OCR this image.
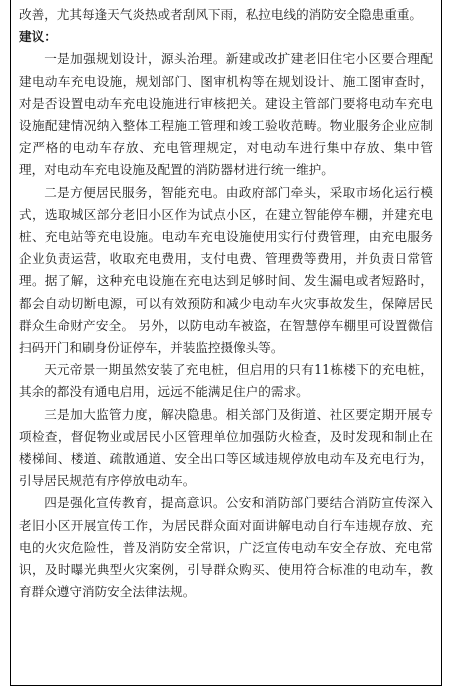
改善，尤其每逢天气炎热或者刮风下雨，私拉电线的消防安全隐患重重。

建议：

一是加强规划设计，源头治理。新建或改扩建老旧住宅小区要合理配建电动车充电设施，规划部门、图审机构等在规划设计、施工图审查时，对是否设置电动车充电设施进行审核把关。建设主管部门要将电动车充电设施配建情况纳入整体工程施工管理和竣工验收范畴。物业服务企业应制定严格的电动车存放、充电管理规定，对电动车进行集中存放、集中管理，对电动车充电设施及配置的消防器材进行统一维护。

二是方便居民服务，智能充电。由政府部门牵头，采取市场化运行模式，选取城区部分老旧小区作为试点小区，在建立智能停车棚，并建充电桩、充电站等充电设施。电动车充电设施使用实行付费管理，由充电服务企业负责运营，收取充电费用，支付电费、管理费等费用，并负责日常管理。据了解，这种充电设施在充电达到足够时间、发生漏电或者短路时，都会自动切断电源，可以有效预防和减少电动车火灾事故发生，保障居民群众生命财产安全。 另外，以防电动车被盗，在智慧停车棚里可设置微信扫码开门和刷身份证停车，并装监控摄像头等。

天元帝景一期虽然安装了充电桩，但启用的只有11栋楼下的充电桩，其余的都没有通电启用，远远不能满足住户的需求。

三是加大监管力度，解决隐患。相关部门及街道、社区要定期开展专项检查，督促物业或居民小区管理单位加强防火检查，及时发现和制止在楼梯间、楼道、疏散通道、安全出口等区域违规停放电动车及充电行为，引导居民规范有序停放电动车。

四是强化宣传教育，提高意识。公安和消防部门要结合消防宣传深入老旧小区开展宣传工作，为居民群众面对面讲解电动自行车违规存放、充电的火灾危险性，普及消防安全常识，广泛宣传电动车安全存放、充电常识，及时曝光典型火灾案例，引导群众购买、使用符合标准的电动车，教育群众遵守消防安全法律法规。
